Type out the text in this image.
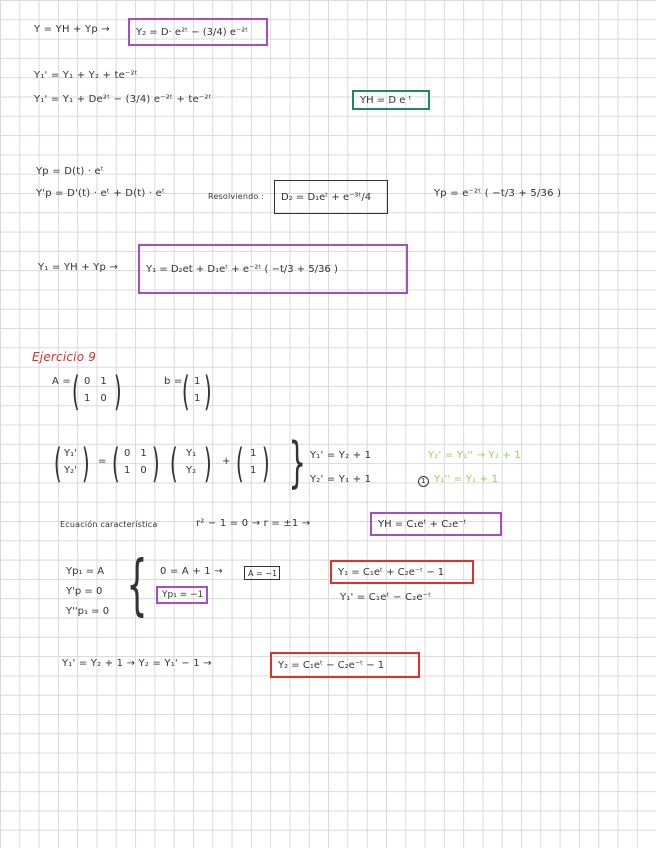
Y = YH + Yp →	Y₂ = D· e²ᵗ − (3/4) e⁻²ᵗ
Y₁' = Y₁ + Y₂ + te⁻²ᵗ
Y₁' = Y₁ + De²ᵗ − (3/4) e⁻²ᵗ + te⁻²ᵗ	YH = D e ᵗ
Yp = D(t) · eᵗ
Y'p = D'(t) · eᵗ + D(t) · eᵗ	Resolviendo :	D₂ = D₁eᵗ + e⁻³ᵗ/4	Yp = e⁻²ᵗ ( −t/3 + 5/36 )
Y₁ = YH + Yp →	Y₁ = D₂et + D₁eᵗ + e⁻²ᵗ ( −t/3 + 5/36 )
Ejercicio 9
A = ( 0 1
1 0 )	b = ( 1
1 )
( Y₁'
Y₂' ) = ( 0 1
1 0 ) ( Y₁
Y₂ ) + ( 1
1 ) } Y₁' = Y₂ + 1
Y₂' = Y₁ + 1
Y₂' = Y₁'' → Y₂ + 1
1 Y₁'' = Y₁ + 1
Ecuación característica	r² − 1 = 0 → r = ±1 →	YH = C₁eᵗ + C₂e⁻ᵗ
Yp₁ = A
Y'p = 0
Y''p₁ = 0 { 0 = A + 1 →	A = −1
Yp₁ = −1
Y₁ = C₁eᵗ + C₂e⁻ᵗ − 1
Y₁' = C₁eᵗ − C₂e⁻ᵗ
Y₁' = Y₂ + 1 → Y₂ = Y₁' − 1 →	Y₂ = C₁eᵗ − C₂e⁻ᵗ − 1
